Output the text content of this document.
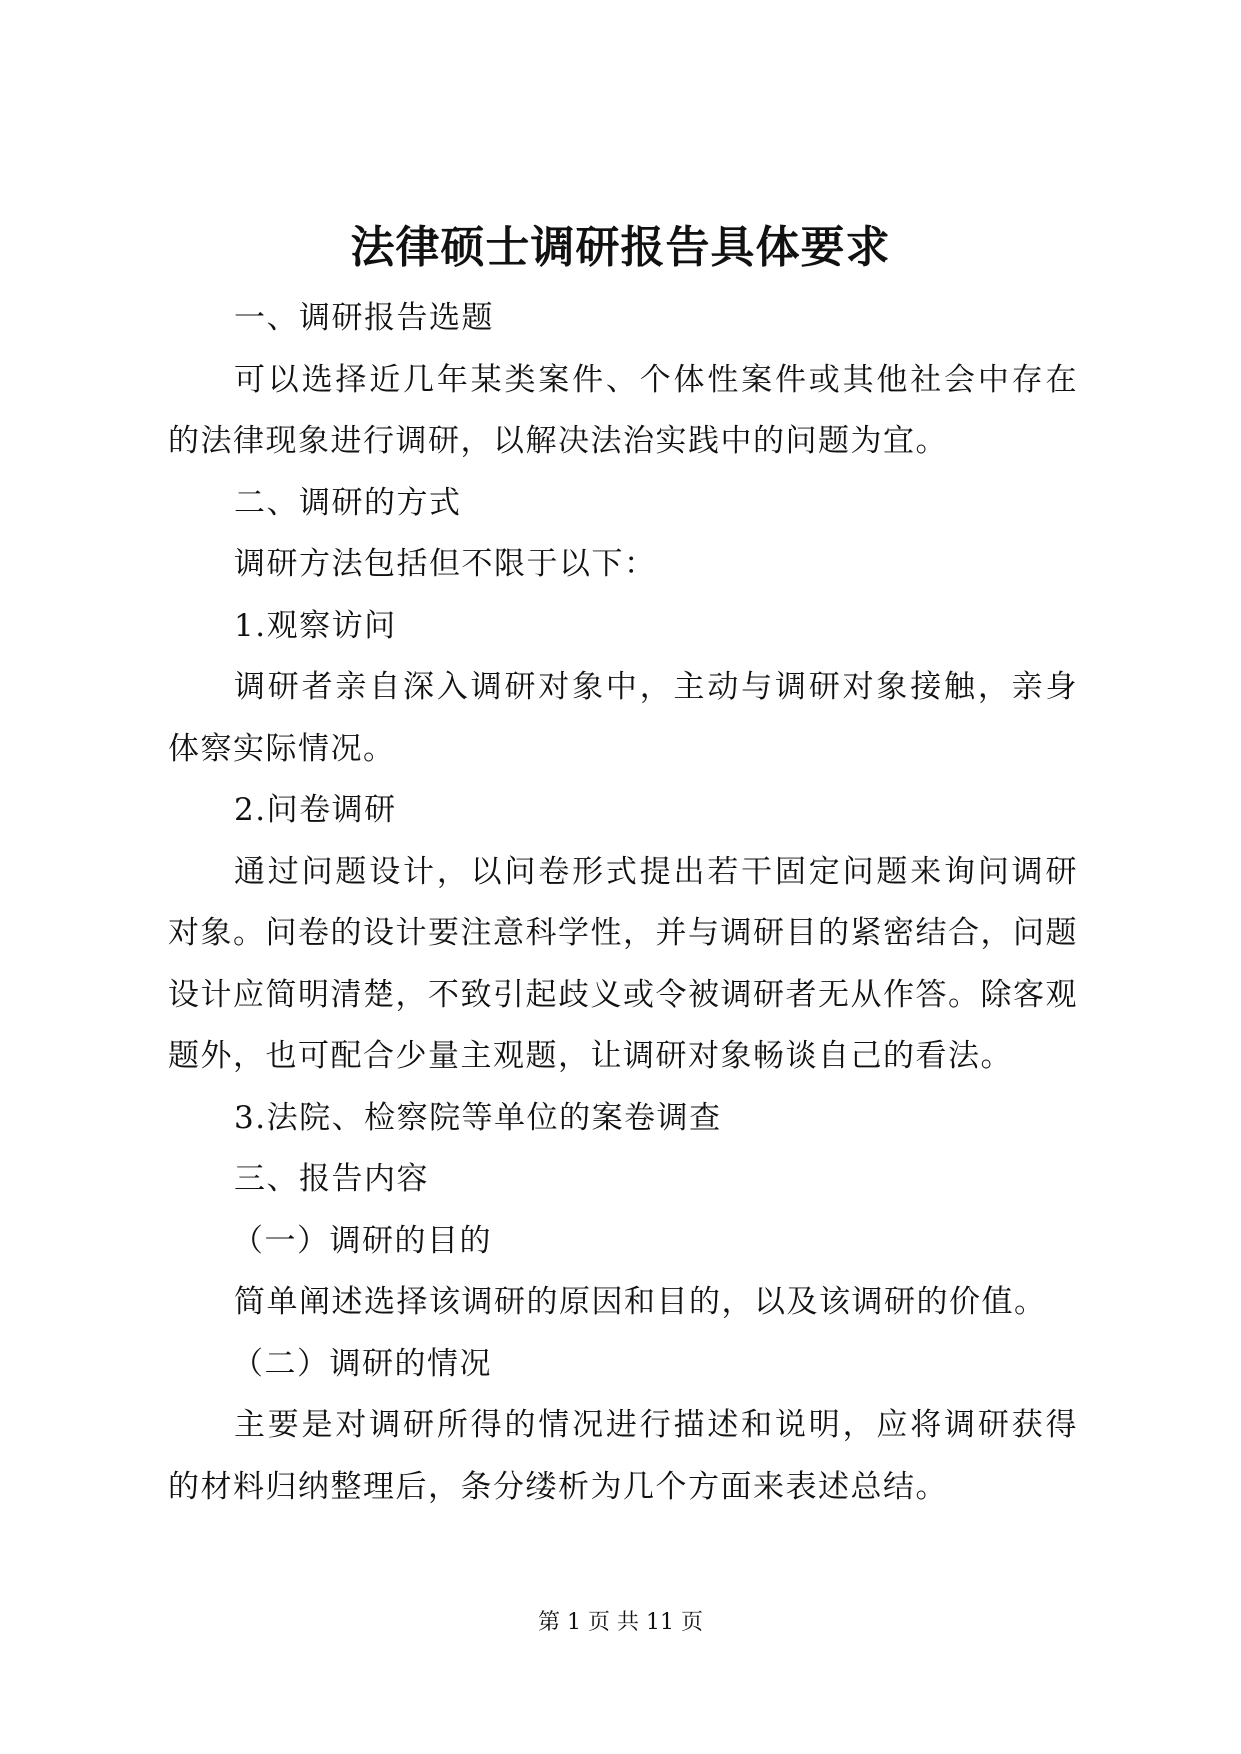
法律硕士调研报告具体要求

一、调研报告选题

可以选择近几年某类案件、个体性案件或其他社会中存在的法律现象进行调研，以解决法治实践中的问题为宜。

二、调研的方式

调研方法包括但不限于以下：

1.观察访问

调研者亲自深入调研对象中，主动与调研对象接触，亲身体察实际情况。

2.问卷调研

通过问题设计，以问卷形式提出若干固定问题来询问调研对象。问卷的设计要注意科学性，并与调研目的紧密结合，问题设计应简明清楚，不致引起歧义或令被调研者无从作答。除客观题外，也可配合少量主观题，让调研对象畅谈自己的看法。

3.法院、检察院等单位的案卷调查

三、报告内容

（一）调研的目的

简单阐述选择该调研的原因和目的，以及该调研的价值。

（二）调研的情况

主要是对调研所得的情况进行描述和说明，应将调研获得的材料归纳整理后，条分缕析为几个方面来表述总结。

第 1 页 共 11 页
